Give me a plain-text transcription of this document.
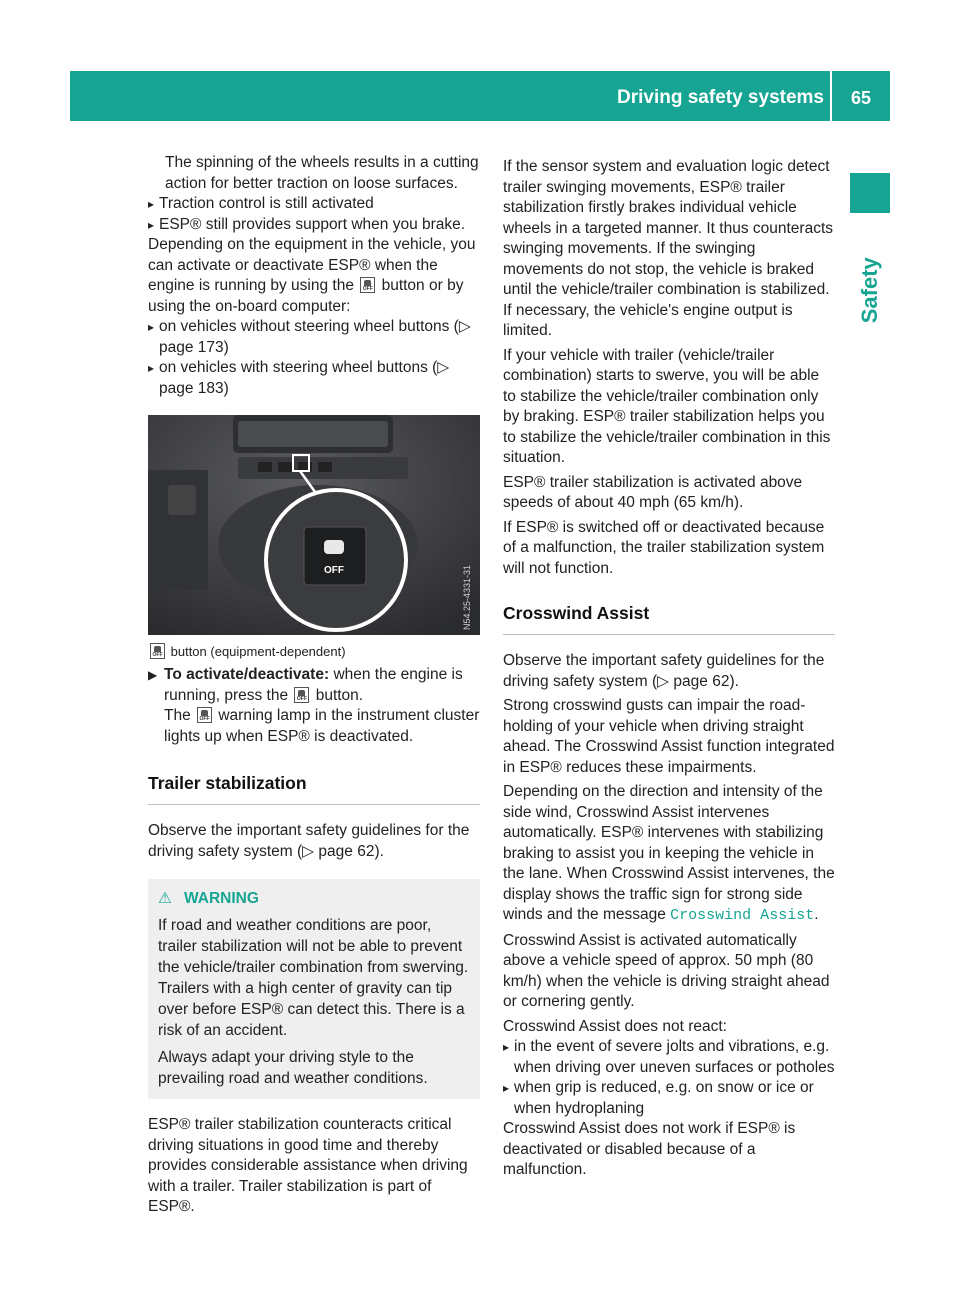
Driving safety systems	65
Safety

The spinning of the wheels results in a cutting action for better traction on loose surfaces.

▸ Traction control is still activated
▸ ESP® still provides support when you brake.

Depending on the equipment in the vehicle, you can activate or deactivate ESP® when the engine is running by using the OFF button or by using the on-board computer:

▸ on vehicles without steering wheel buttons (▷ page 173)
▸ on vehicles with steering wheel buttons (▷ page 183)
OFF	N54.25-4331-31

OFF button (equipment-dependent)

▶ To activate/deactivate: when the engine is running, press the OFF button.
The OFF warning lamp in the instrument cluster lights up when ESP® is deactivated.
Trailer stabilization

Observe the important safety guidelines for the driving safety system (▷ page 62).

⚠ WARNING

If road and weather conditions are poor, trailer stabilization will not be able to prevent the vehicle/trailer combination from swerving. Trailers with a high center of gravity can tip over before ESP® can detect this. There is a risk of an accident.

Always adapt your driving style to the prevailing road and weather conditions.

ESP® trailer stabilization counteracts critical driving situations in good time and thereby provides considerable assistance when driving with a trailer. Trailer stabilization is part of ESP®.

If the sensor system and evaluation logic detect trailer swinging movements, ESP® trailer stabilization firstly brakes individual vehicle wheels in a targeted manner. It thus counteracts swinging movements. If the swinging movements do not stop, the vehicle is braked until the vehicle/trailer combination is stabilized. If necessary, the vehicle's engine output is limited.

If your vehicle with trailer (vehicle/trailer combination) starts to swerve, you will be able to stabilize the vehicle/trailer combination only by braking. ESP® trailer stabilization helps you to stabilize the vehicle/trailer combination in this situation.

ESP® trailer stabilization is activated above speeds of about 40 mph (65 km/h).

If ESP® is switched off or deactivated because of a malfunction, the trailer stabilization system will not function.

Crosswind Assist

Observe the important safety guidelines for the driving safety system (▷ page 62).

Strong crosswind gusts can impair the road-holding of your vehicle when driving straight ahead. The Crosswind Assist function integrated in ESP® reduces these impairments.

Depending on the direction and intensity of the side wind, Crosswind Assist intervenes automatically. ESP® intervenes with stabilizing braking to assist you in keeping the vehicle in the lane. When Crosswind Assist intervenes, the display shows the traffic sign for strong side winds and the message Crosswind Assist.

Crosswind Assist is activated automatically above a vehicle speed of approx. 50 mph (80 km/h) when the vehicle is driving straight ahead or cornering gently.

Crosswind Assist does not react:

▸ in the event of severe jolts and vibrations, e.g. when driving over uneven surfaces or potholes
▸ when grip is reduced, e.g. on snow or ice or when hydroplaning

Crosswind Assist does not work if ESP® is deactivated or disabled because of a malfunction.
